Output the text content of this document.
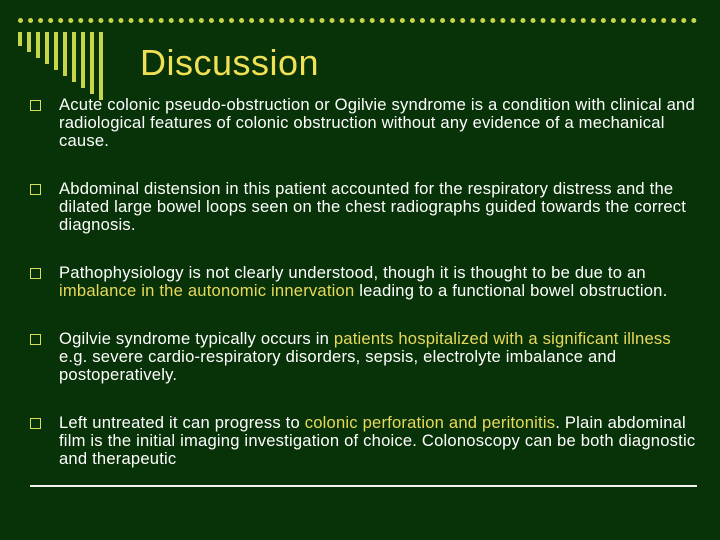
Discussion
Acute colonic pseudo-obstruction or Ogilvie syndrome is a condition with clinical and radiological features of colonic obstruction without any evidence of a mechanical cause.
Abdominal distension in this patient accounted for the respiratory distress and the dilated large bowel loops seen on the chest radiographs guided towards the correct diagnosis.
Pathophysiology is not clearly understood, though it is thought to be due to an imbalance in the autonomic innervation leading to a functional bowel obstruction.
Ogilvie syndrome typically occurs in patients hospitalized with a significant illness e.g. severe cardio-respiratory disorders, sepsis, electrolyte imbalance and postoperatively.
Left untreated it can progress to colonic perforation and peritonitis. Plain abdominal film is the initial imaging investigation of choice. Colonoscopy can be both diagnostic and therapeutic
